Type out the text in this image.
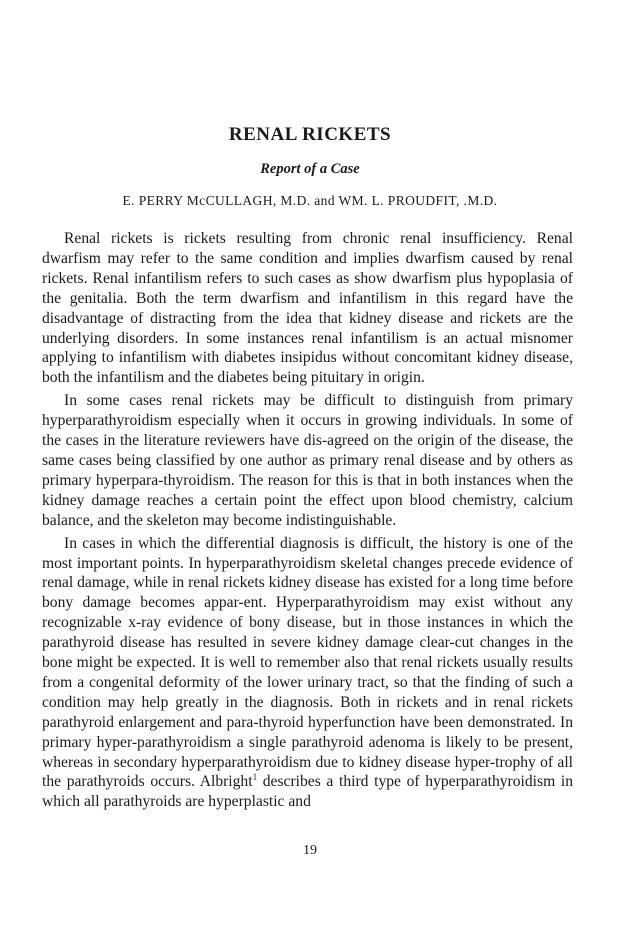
RENAL RICKETS
Report of a Case

E. PERRY McCULLAGH, M.D. and WM. L. PROUDFIT, .M.D.

Renal rickets is rickets resulting from chronic renal insufficiency. Renal dwarfism may refer to the same condition and implies dwarfism caused by renal rickets. Renal infantilism refers to such cases as show dwarfism plus hypoplasia of the genitalia. Both the term dwarfism and infantilism in this regard have the disadvantage of distracting from the idea that kidney disease and rickets are the underlying disorders. In some instances renal infantilism is an actual misnomer applying to infantilism with diabetes insipidus without concomitant kidney disease, both the infantilism and the diabetes being pituitary in origin.

In some cases renal rickets may be difficult to distinguish from primary hyperparathyroidism especially when it occurs in growing individuals. In some of the cases in the literature reviewers have dis-agreed on the origin of the disease, the same cases being classified by one author as primary renal disease and by others as primary hyperpara-thyroidism. The reason for this is that in both instances when the kidney damage reaches a certain point the effect upon blood chemistry, calcium balance, and the skeleton may become indistinguishable.

In cases in which the differential diagnosis is difficult, the history is one of the most important points. In hyperparathyroidism skeletal changes precede evidence of renal damage, while in renal rickets kidney disease has existed for a long time before bony damage becomes appar-ent. Hyperparathyroidism may exist without any recognizable x-ray evidence of bony disease, but in those instances in which the parathyroid disease has resulted in severe kidney damage clear-cut changes in the bone might be expected. It is well to remember also that renal rickets usually results from a congenital deformity of the lower urinary tract, so that the finding of such a condition may help greatly in the diagnosis. Both in rickets and in renal rickets parathyroid enlargement and para-thyroid hyperfunction have been demonstrated. In primary hyper-parathyroidism a single parathyroid adenoma is likely to be present, whereas in secondary hyperparathyroidism due to kidney disease hyper-trophy of all the parathyroids occurs. Albright$^1$ describes a third type of hyperparathyroidism in which all parathyroids are hyperplastic and

19
